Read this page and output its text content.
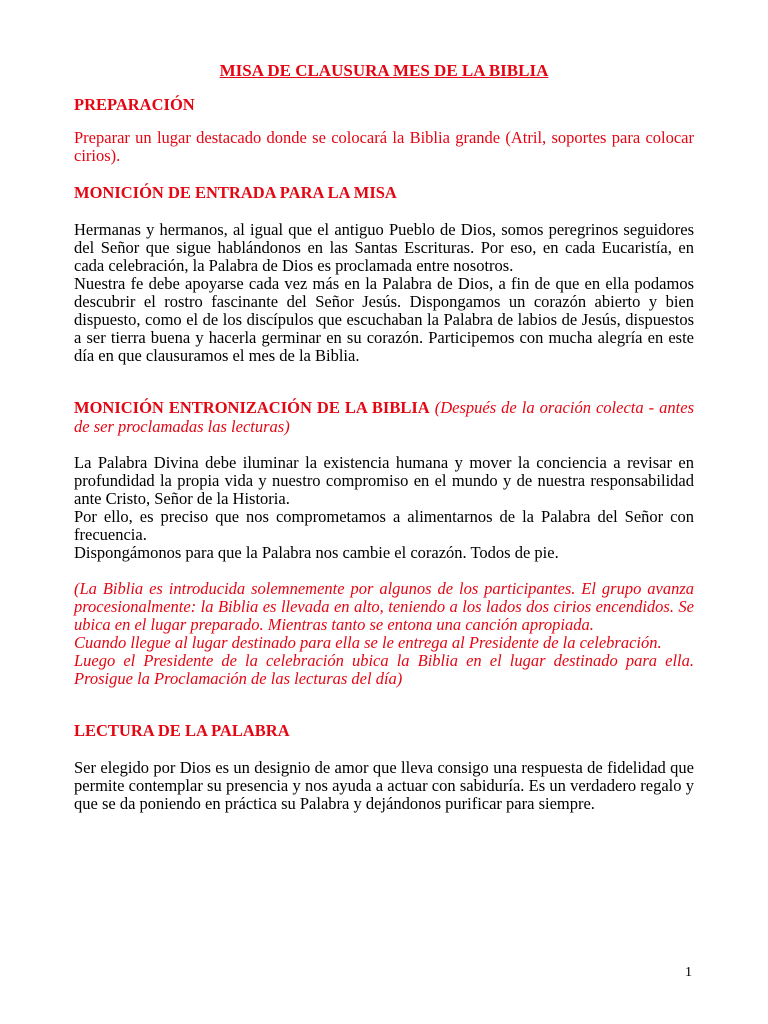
MISA DE CLAUSURA MES DE LA BIBLIA
PREPARACIÓN

Preparar un lugar destacado donde se colocará la Biblia grande (Atril, soportes para colocar cirios).

MONICIÓN DE ENTRADA PARA LA MISA

Hermanas y hermanos, al igual que el antiguo Pueblo de Dios, somos peregrinos seguidores del Señor que sigue hablándonos en las Santas Escrituras. Por eso, en cada Eucaristía, en cada celebración, la Palabra de Dios es proclamada entre nosotros.

Nuestra fe debe apoyarse cada vez más en la Palabra de Dios, a fin de que en ella podamos descubrir el rostro fascinante del Señor Jesús. Dispongamos un corazón abierto y bien dispuesto, como el de los discípulos que escuchaban la Palabra de labios de Jesús, dispuestos a ser tierra buena y hacerla germinar en su corazón. Participemos con mucha alegría en este día en que clausuramos el mes de la Biblia.

MONICIÓN ENTRONIZACIÓN DE LA BIBLIA (Después de la oración colecta - antes de ser proclamadas las lecturas)

La Palabra Divina debe iluminar la existencia humana y mover la conciencia a revisar en profundidad la propia vida y nuestro compromiso en el mundo y de nuestra responsabilidad ante Cristo, Señor de la Historia.

Por ello, es preciso que nos comprometamos a alimentarnos de la Palabra del Señor con frecuencia.

Dispongámonos para que la Palabra nos cambie el corazón. Todos de pie.

(La Biblia es introducida solemnemente por algunos de los participantes. El grupo avanza procesionalmente: la Biblia es llevada en alto, teniendo a los lados dos cirios encendidos. Se ubica en el lugar preparado. Mientras tanto se entona una canción apropiada.

Cuando llegue al lugar destinado para ella se le entrega al Presidente de la celebración.

Luego el Presidente de la celebración ubica la Biblia en el lugar destinado para ella. Prosigue la Proclamación de las lecturas del día)

LECTURA DE LA PALABRA

Ser elegido por Dios es un designio de amor que lleva consigo una respuesta de fidelidad que permite contemplar su presencia y nos ayuda a actuar con sabiduría. Es un verdadero regalo y que se da poniendo en práctica su Palabra y dejándonos purificar para siempre.

1
